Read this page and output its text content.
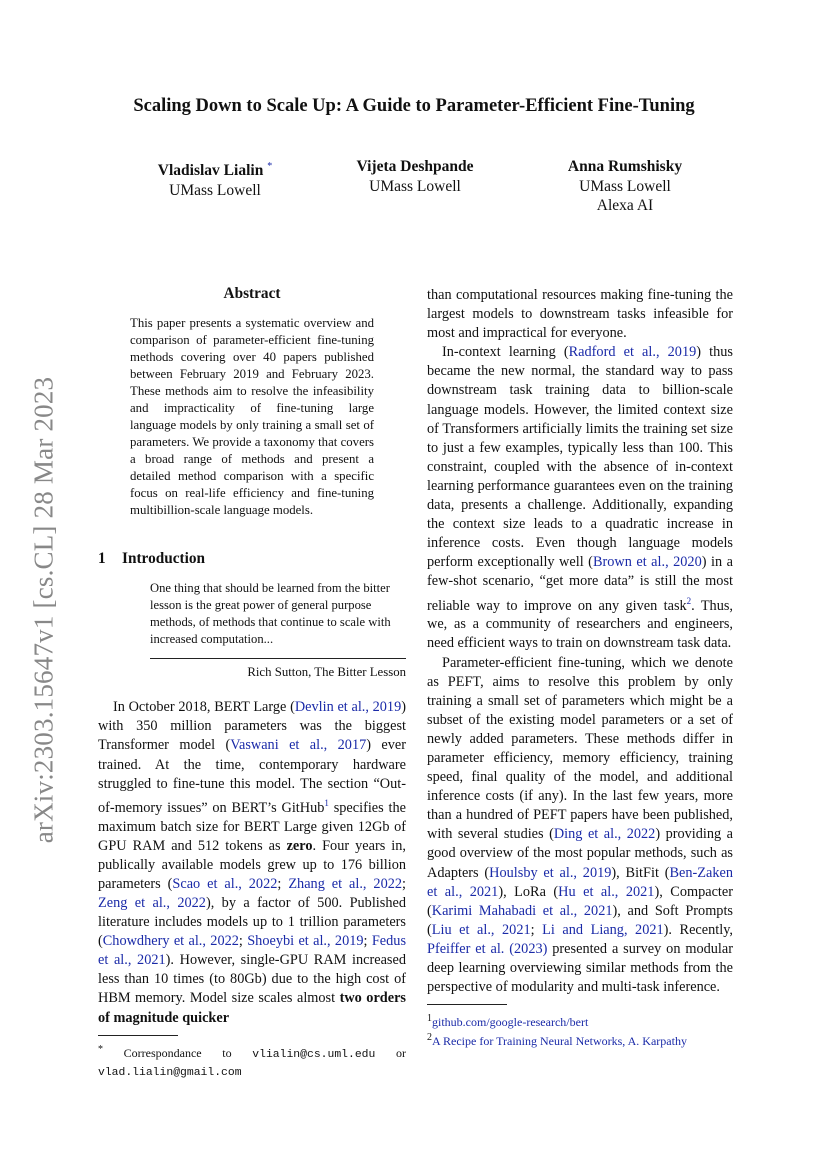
arXiv:2303.15647v1 [cs.CL] 28 Mar 2023
Scaling Down to Scale Up: A Guide to Parameter-Efficient Fine-Tuning
Vladislav Lialin *
UMass Lowell
Vijeta Deshpande
UMass Lowell
Anna Rumshisky
UMass Lowell
Alexa AI
Abstract
This paper presents a systematic overview and comparison of parameter-efficient fine-tuning methods covering over 40 papers published between February 2019 and February 2023. These methods aim to resolve the infeasibility and impracticality of fine-tuning large language models by only training a small set of parameters. We provide a taxonomy that covers a broad range of methods and present a detailed method comparison with a specific focus on real-life efficiency and fine-tuning multibillion-scale language models.
1 Introduction
One thing that should be learned from the bitter lesson is the great power of general purpose methods, of methods that continue to scale with increased computation...
Rich Sutton, The Bitter Lesson

In October 2018, BERT Large (Devlin et al., 2019) with 350 million parameters was the biggest Transformer model (Vaswani et al., 2017) ever trained. At the time, contemporary hardware struggled to fine-tune this model. The section “Out-of-memory issues” on BERT’s GitHub$^1$ specifies the maximum batch size for BERT Large given 12Gb of GPU RAM and 512 tokens as zero. Four years in, publically available models grew up to 176 billion parameters (Scao et al., 2022; Zhang et al., 2022; Zeng et al., 2022), by a factor of 500. Published literature includes models up to 1 trillion parameters (Chowdhery et al., 2022; Shoeybi et al., 2019; Fedus et al., 2021). However, single-GPU RAM increased less than 10 times (to 80Gb) due to the high cost of HBM memory. Model size scales almost two orders of magnitude quicker

* Correspondance to vlialin@cs.uml.edu or vlad.lialin@gmail.com

than computational resources making fine-tuning the largest models to downstream tasks infeasible for most and impractical for everyone.

In-context learning (Radford et al., 2019) thus became the new normal, the standard way to pass downstream task training data to billion-scale language models. However, the limited context size of Transformers artificially limits the training set size to just a few examples, typically less than 100. This constraint, coupled with the absence of in-context learning performance guarantees even on the training data, presents a challenge. Additionally, expanding the context size leads to a quadratic increase in inference costs. Even though language models perform exceptionally well (Brown et al., 2020) in a few-shot scenario, “get more data” is still the most reliable way to improve on any given task$^2$. Thus, we, as a community of researchers and engineers, need efficient ways to train on downstream task data.

Parameter-efficient fine-tuning, which we denote as PEFT, aims to resolve this problem by only training a small set of parameters which might be a subset of the existing model parameters or a set of newly added parameters. These methods differ in parameter efficiency, memory efficiency, training speed, final quality of the model, and additional inference costs (if any). In the last few years, more than a hundred of PEFT papers have been published, with several studies (Ding et al., 2022) providing a good overview of the most popular methods, such as Adapters (Houlsby et al., 2019), BitFit (Ben-Zaken et al., 2021), LoRa (Hu et al., 2021), Compacter (Karimi Mahabadi et al., 2021), and Soft Prompts (Liu et al., 2021; Li and Liang, 2021). Recently, Pfeiffer et al. (2023) presented a survey on modular deep learning overviewing similar methods from the perspective of modularity and multi-task inference.

$^1$github.com/google-research/bert
$^2$A Recipe for Training Neural Networks, A. Karpathy
